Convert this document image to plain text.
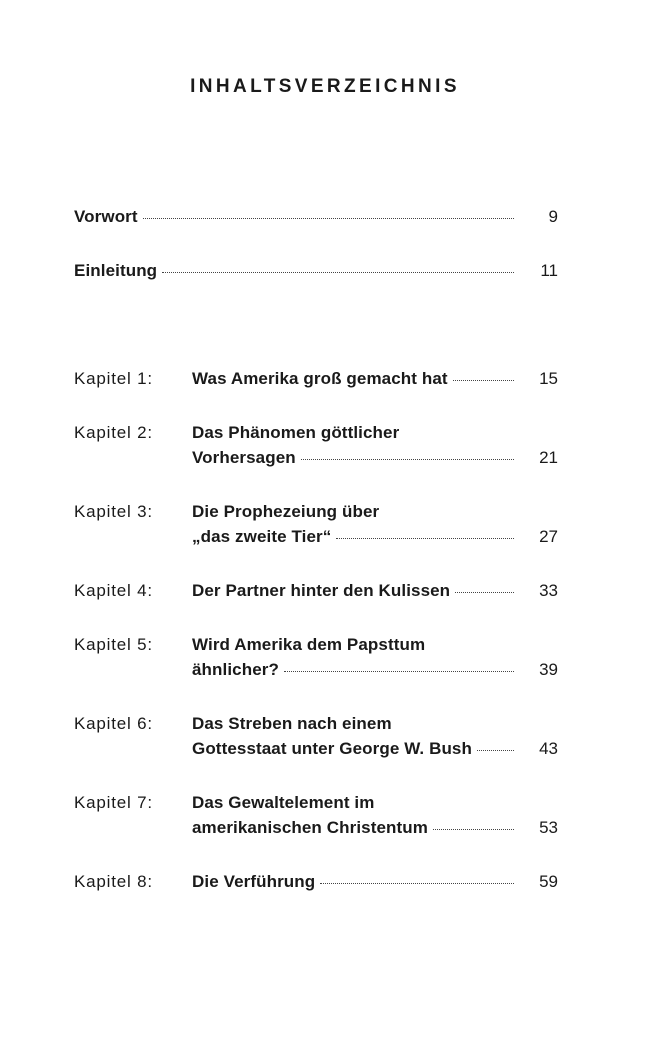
INHALTSVERZEICHNIS
Vorwort	9
Einleitung	11
Kapitel 1:	Was Amerika groß gemacht hat	15
Kapitel 2:	Das Phänomen göttlicher
Vorhersagen	21
Kapitel 3:	Die Prophezeiung über
„das zweite Tier“	27
Kapitel 4:	Der Partner hinter den Kulissen	33
Kapitel 5:	Wird Amerika dem Papsttum
ähnlicher?	39
Kapitel 6:	Das Streben nach einem
Gottesstaat unter George W. Bush	43
Kapitel 7:	Das Gewaltelement im
amerikanischen Christentum	53
Kapitel 8:	Die Verführung	59
